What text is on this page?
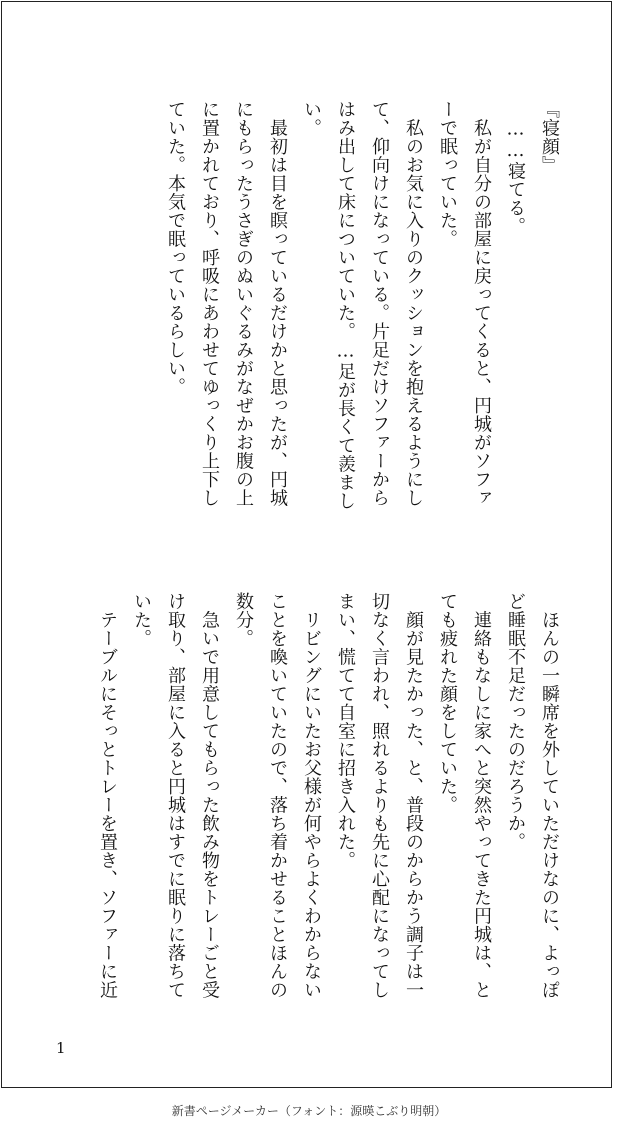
『寝顔』
　……寝てる。
　私が自分の部屋に戻ってくると、円城がソファ
ーで眠っていた。
　私のお気に入りのクッションを抱えるようにし
て、仰向けになっている。片足だけソファーから
はみ出して床についていた。…足が長くて羨まし
い。
　最初は目を瞑っているだけかと思ったが、円城
にもらったうさぎのぬいぐるみがなぜかお腹の上
に置かれており、呼吸にあわせてゆっくり上下し
ていた。本気で眠っているらしい。
　ほんの一瞬席を外していただけなのに、よっぽ
ど睡眠不足だったのだろうか。
　連絡もなしに家へと突然やってきた円城は、と
ても疲れた顔をしていた。
　顔が見たかった、と、普段のからかう調子は一
切なく言われ、照れるよりも先に心配になってし
まい、慌てて自室に招き入れた。
　リビングにいたお父様が何やらよくわからない
ことを喚いていたので、落ち着かせることほんの
数分。
　急いで用意してもらった飲み物をトレーごと受
け取り、部屋に入ると円城はすでに眠りに落ちて
いた。
　テーブルにそっとトレーを置き、ソファーに近
1
新書ページメーカー（フォント：源暎こぶり明朝）
